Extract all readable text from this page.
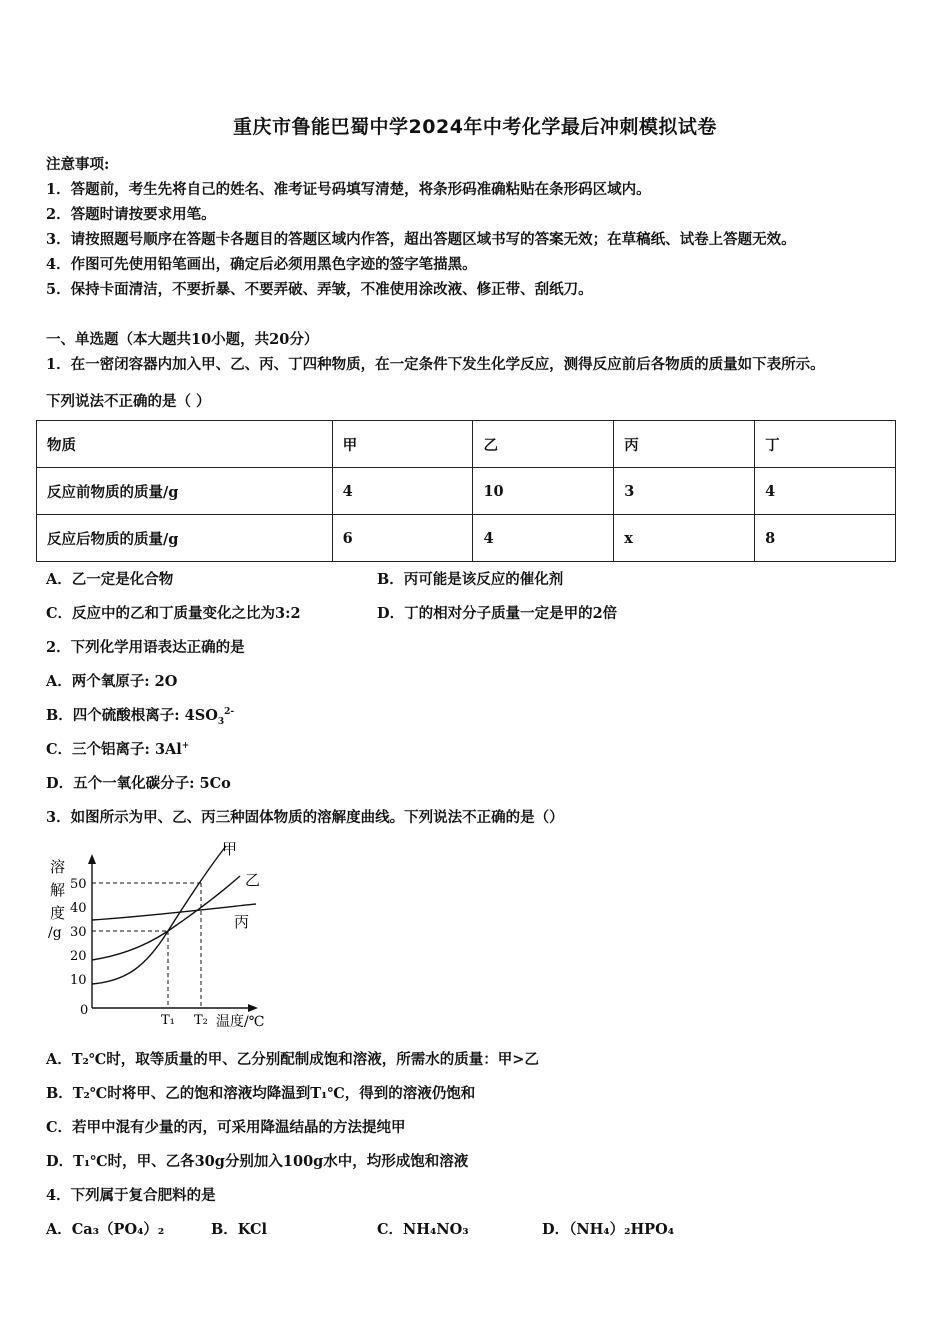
重庆市鲁能巴蜀中学2024年中考化学最后冲刺模拟试卷
注意事项:
1．答题前，考生先将自己的姓名、准考证号码填写清楚，将条形码准确粘贴在条形码区域内。
2．答题时请按要求用笔。
3．请按照题号顺序在答题卡各题目的答题区域内作答，超出答题区域书写的答案无效；在草稿纸、试卷上答题无效。
4．作图可先使用铅笔画出，确定后必须用黑色字迹的签字笔描黑。
5．保持卡面清洁，不要折暴、不要弄破、弄皱，不准使用涂改液、修正带、刮纸刀。
一、单选题（本大题共10小题，共20分）
1．在一密闭容器内加入甲、乙、丙、丁四种物质，在一定条件下发生化学反应，测得反应前后各物质的质量如下表所示。
下列说法不正确的是（ ）
物质	甲	乙	丙	丁
反应前物质的质量/g	4	10	3	4
反应后物质的质量/g	6	4	x	8
A．乙一定是化合物	B．丙可能是该反应的催化剂
C．反应中的乙和丁质量变化之比为3:2	D．丁的相对分子质量一定是甲的2倍
2．下列化学用语表达正确的是
A．两个氧原子: 2O
B．四个硫酸根离子: $4SO_3^{2-}$
C．三个铝离子: 3Al+
D．五个一氧化碳分子: 5Co
3．如图所示为甲、乙、丙三种固体物质的溶解度曲线。下列说法不正确的是（）
溶
解
度
/g
50
40
30
20
10
0
甲
乙
丙
T₁ T₂ 温度/℃
A．T₂℃时，取等质量的甲、乙分别配制成饱和溶液，所需水的质量：甲>乙
B．T₂℃时将甲、乙的饱和溶液均降温到T₁℃，得到的溶液仍饱和
C．若甲中混有少量的丙，可采用降温结晶的方法提纯甲
D．T₁℃时，甲、乙各30g分别加入100g水中，均形成饱和溶液
4．下列属于复合肥料的是
A．Ca₃（PO₄）₂	B．KCl	C．NH₄NO₃	D．（NH₄）₂HPO₄
